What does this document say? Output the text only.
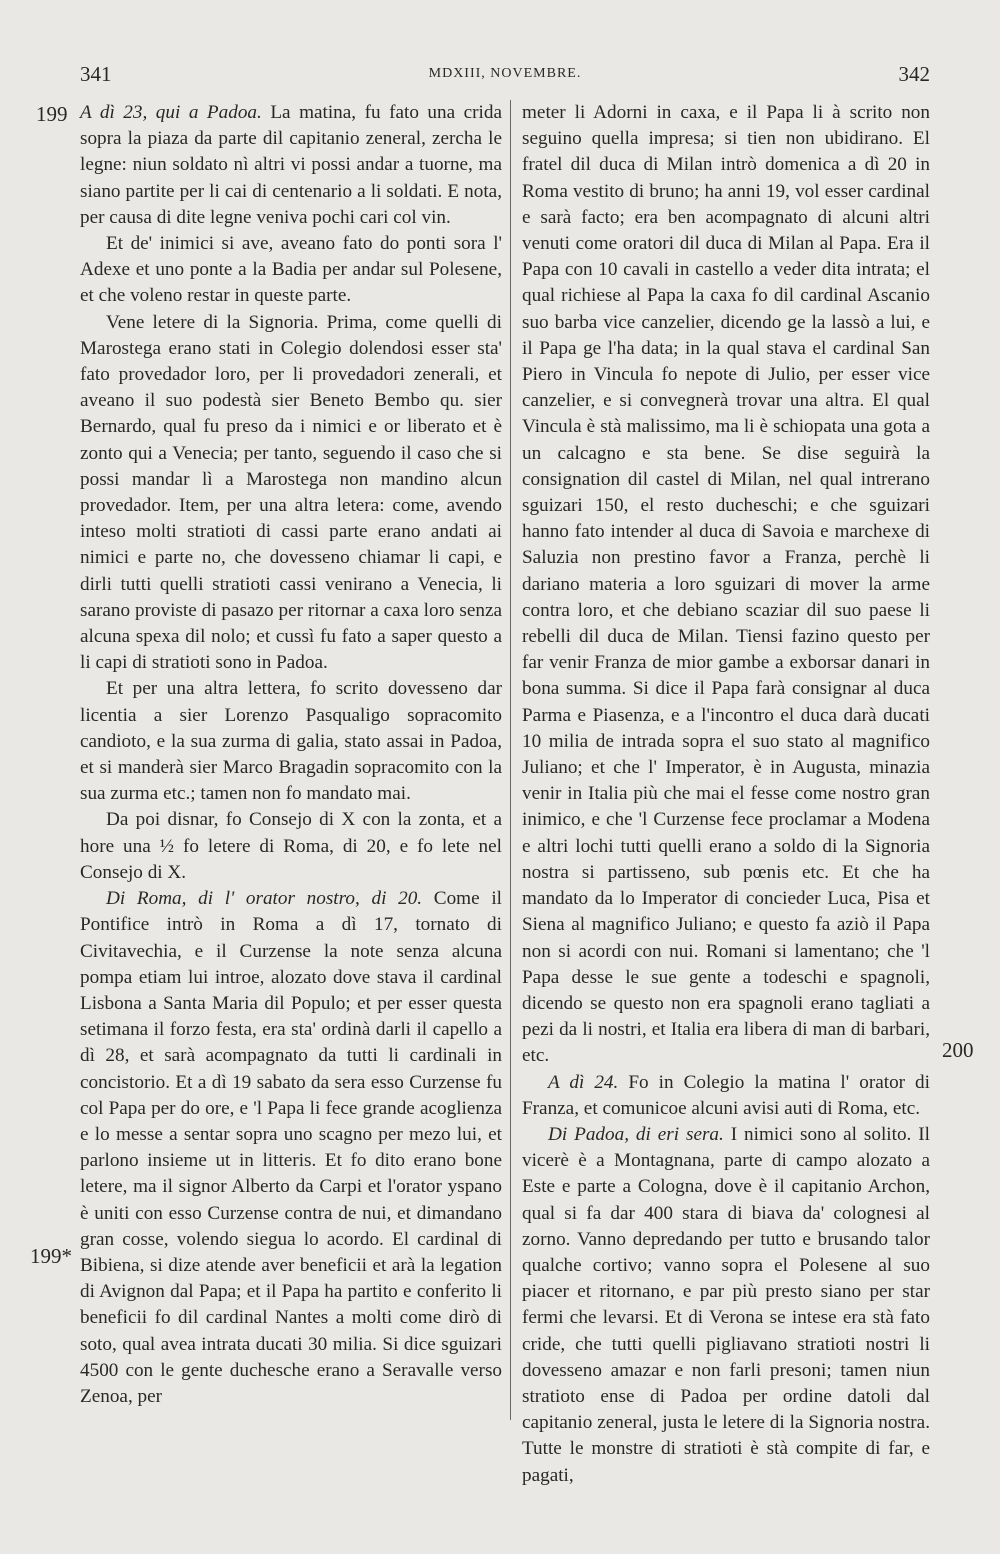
341	MDXIII, NOVEMBRE.	342
199
199*
200

A dì 23, qui a Padoa. La matina, fu fato una crida sopra la piaza da parte dil capitanio zeneral, zercha le legne: niun soldato nì altri vi possi andar a tuorne, ma siano partite per li cai di centenario a li soldati. E nota, per causa di dite legne veniva pochi cari col vin.

Et de' inimici si ave, aveano fato do ponti sora l' Adexe et uno ponte a la Badia per andar sul Polesene, et che voleno restar in queste parte.

Vene letere di la Signoria. Prima, come quelli di Marostega erano stati in Colegio dolendosi esser sta' fato provedador loro, per li provedadori zenerali, et aveano il suo podestà sier Beneto Bembo qu. sier Bernardo, qual fu preso da i nimici e or liberato et è zonto qui a Venecia; per tanto, seguendo il caso che si possi mandar lì a Marostega non mandino alcun provedador. Item, per una altra letera: come, avendo inteso molti stratioti di cassi parte erano andati ai nimici e parte no, che dovesseno chiamar li capi, e dirli tutti quelli stratioti cassi venirano a Venecia, li sarano proviste di pasazo per ritornar a caxa loro senza alcuna spexa dil nolo; et cussì fu fato a saper questo a li capi di stratioti sono in Padoa.

Et per una altra lettera, fo scrito dovesseno dar licentia a sier Lorenzo Pasqualigo sopracomito candioto, e la sua zurma di galia, stato assai in Padoa, et si manderà sier Marco Bragadin sopracomito con la sua zurma etc.; tamen non fo mandato mai.

Da poi disnar, fo Consejo di X con la zonta, et a hore una ½ fo letere di Roma, di 20, e fo lete nel Consejo di X.

Di Roma, di l' orator nostro, di 20. Come il Pontifice intrò in Roma a dì 17, tornato di Civitavechia, e il Curzense la note senza alcuna pompa etiam lui introe, alozato dove stava il cardinal Lisbona a Santa Maria dil Populo; et per esser questa setimana il forzo festa, era sta' ordinà darli il capello a dì 28, et sarà acompagnato da tutti li cardinali in concistorio. Et a dì 19 sabato da sera esso Curzense fu col Papa per do ore, e 'l Papa li fece grande acoglienza e lo messe a sentar sopra uno scagno per mezo lui, et parlono insieme ut in litteris. Et fo dito erano bone letere, ma il signor Alberto da Carpi et l'orator yspano è uniti con esso Curzense contra de nui, et dimandano gran cosse, volendo siegua lo acordo. El cardinal di Bibiena, si dize atende aver beneficii et arà la legation di Avignon dal Papa; et il Papa ha partito e conferito li beneficii fo dil cardinal Nantes a molti come dirò di soto, qual avea intrata ducati 30 milia. Si dice sguizari 4500 con le gente duchesche erano a Seravalle verso Zenoa, per

meter li Adorni in caxa, e il Papa li à scrito non seguino quella impresa; si tien non ubidirano. El fratel dil duca di Milan intrò domenica a dì 20 in Roma vestito di bruno; ha anni 19, vol esser cardinal e sarà facto; era ben acompagnato di alcuni altri venuti come oratori dil duca di Milan al Papa. Era il Papa con 10 cavali in castello a veder dita intrata; el qual richiese al Papa la caxa fo dil cardinal Ascanio suo barba vice canzelier, dicendo ge la lassò a lui, e il Papa ge l'ha data; in la qual stava el cardinal San Piero in Vincula fo nepote di Julio, per esser vice canzelier, e si convegnerà trovar una altra. El qual Vincula è stà malissimo, ma li è schiopata una gota a un calcagno e sta bene. Se dise seguirà la consignation dil castel di Milan, nel qual intrerano sguizari 150, el resto ducheschi; e che sguizari hanno fato intender al duca di Savoia e marchexe di Saluzia non prestino favor a Franza, perchè li dariano materia a loro sguizari di mover la arme contra loro, et che debiano scaziar dil suo paese li rebelli dil duca de Milan. Tiensi fazino questo per far venir Franza de mior gambe a exborsar danari in bona summa. Si dice il Papa farà consignar al duca Parma e Piasenza, e a l'incontro el duca darà ducati 10 milia de intrada sopra el suo stato al magnifico Juliano; et che l' Imperator, è in Augusta, minazia venir in Italia più che mai el fesse come nostro gran inimico, e che 'l Curzense fece proclamar a Modena e altri lochi tutti quelli erano a soldo di la Signoria nostra si partisseno, sub pœnis etc. Et che ha mandato da lo Imperator di concieder Luca, Pisa et Siena al magnifico Juliano; e questo fa aziò il Papa non si acordi con nui. Romani si lamentano; che 'l Papa desse le sue gente a todeschi e spagnoli, dicendo se questo non era spagnoli erano tagliati a pezi da li nostri, et Italia era libera di man di barbari, etc.

A dì 24. Fo in Colegio la matina l' orator di Franza, et comunicoe alcuni avisi auti di Roma, etc.

Di Padoa, di eri sera. I nimici sono al solito. Il vicerè è a Montagnana, parte di campo alozato a Este e parte a Cologna, dove è il capitanio Archon, qual si fa dar 400 stara di biava da' colognesi al zorno. Vanno depredando per tutto e brusando talor qualche cortivo; vanno sopra el Polesene al suo piacer et ritornano, e par più presto siano per star fermi che levarsi. Et di Verona se intese era stà fato cride, che tutti quelli pigliavano stratioti nostri li dovesseno amazar e non farli presoni; tamen niun stratioto ense di Padoa per ordine datoli dal capitanio zeneral, justa le letere di la Signoria nostra. Tutte le monstre di stratioti è stà compite di far, e pagati,
